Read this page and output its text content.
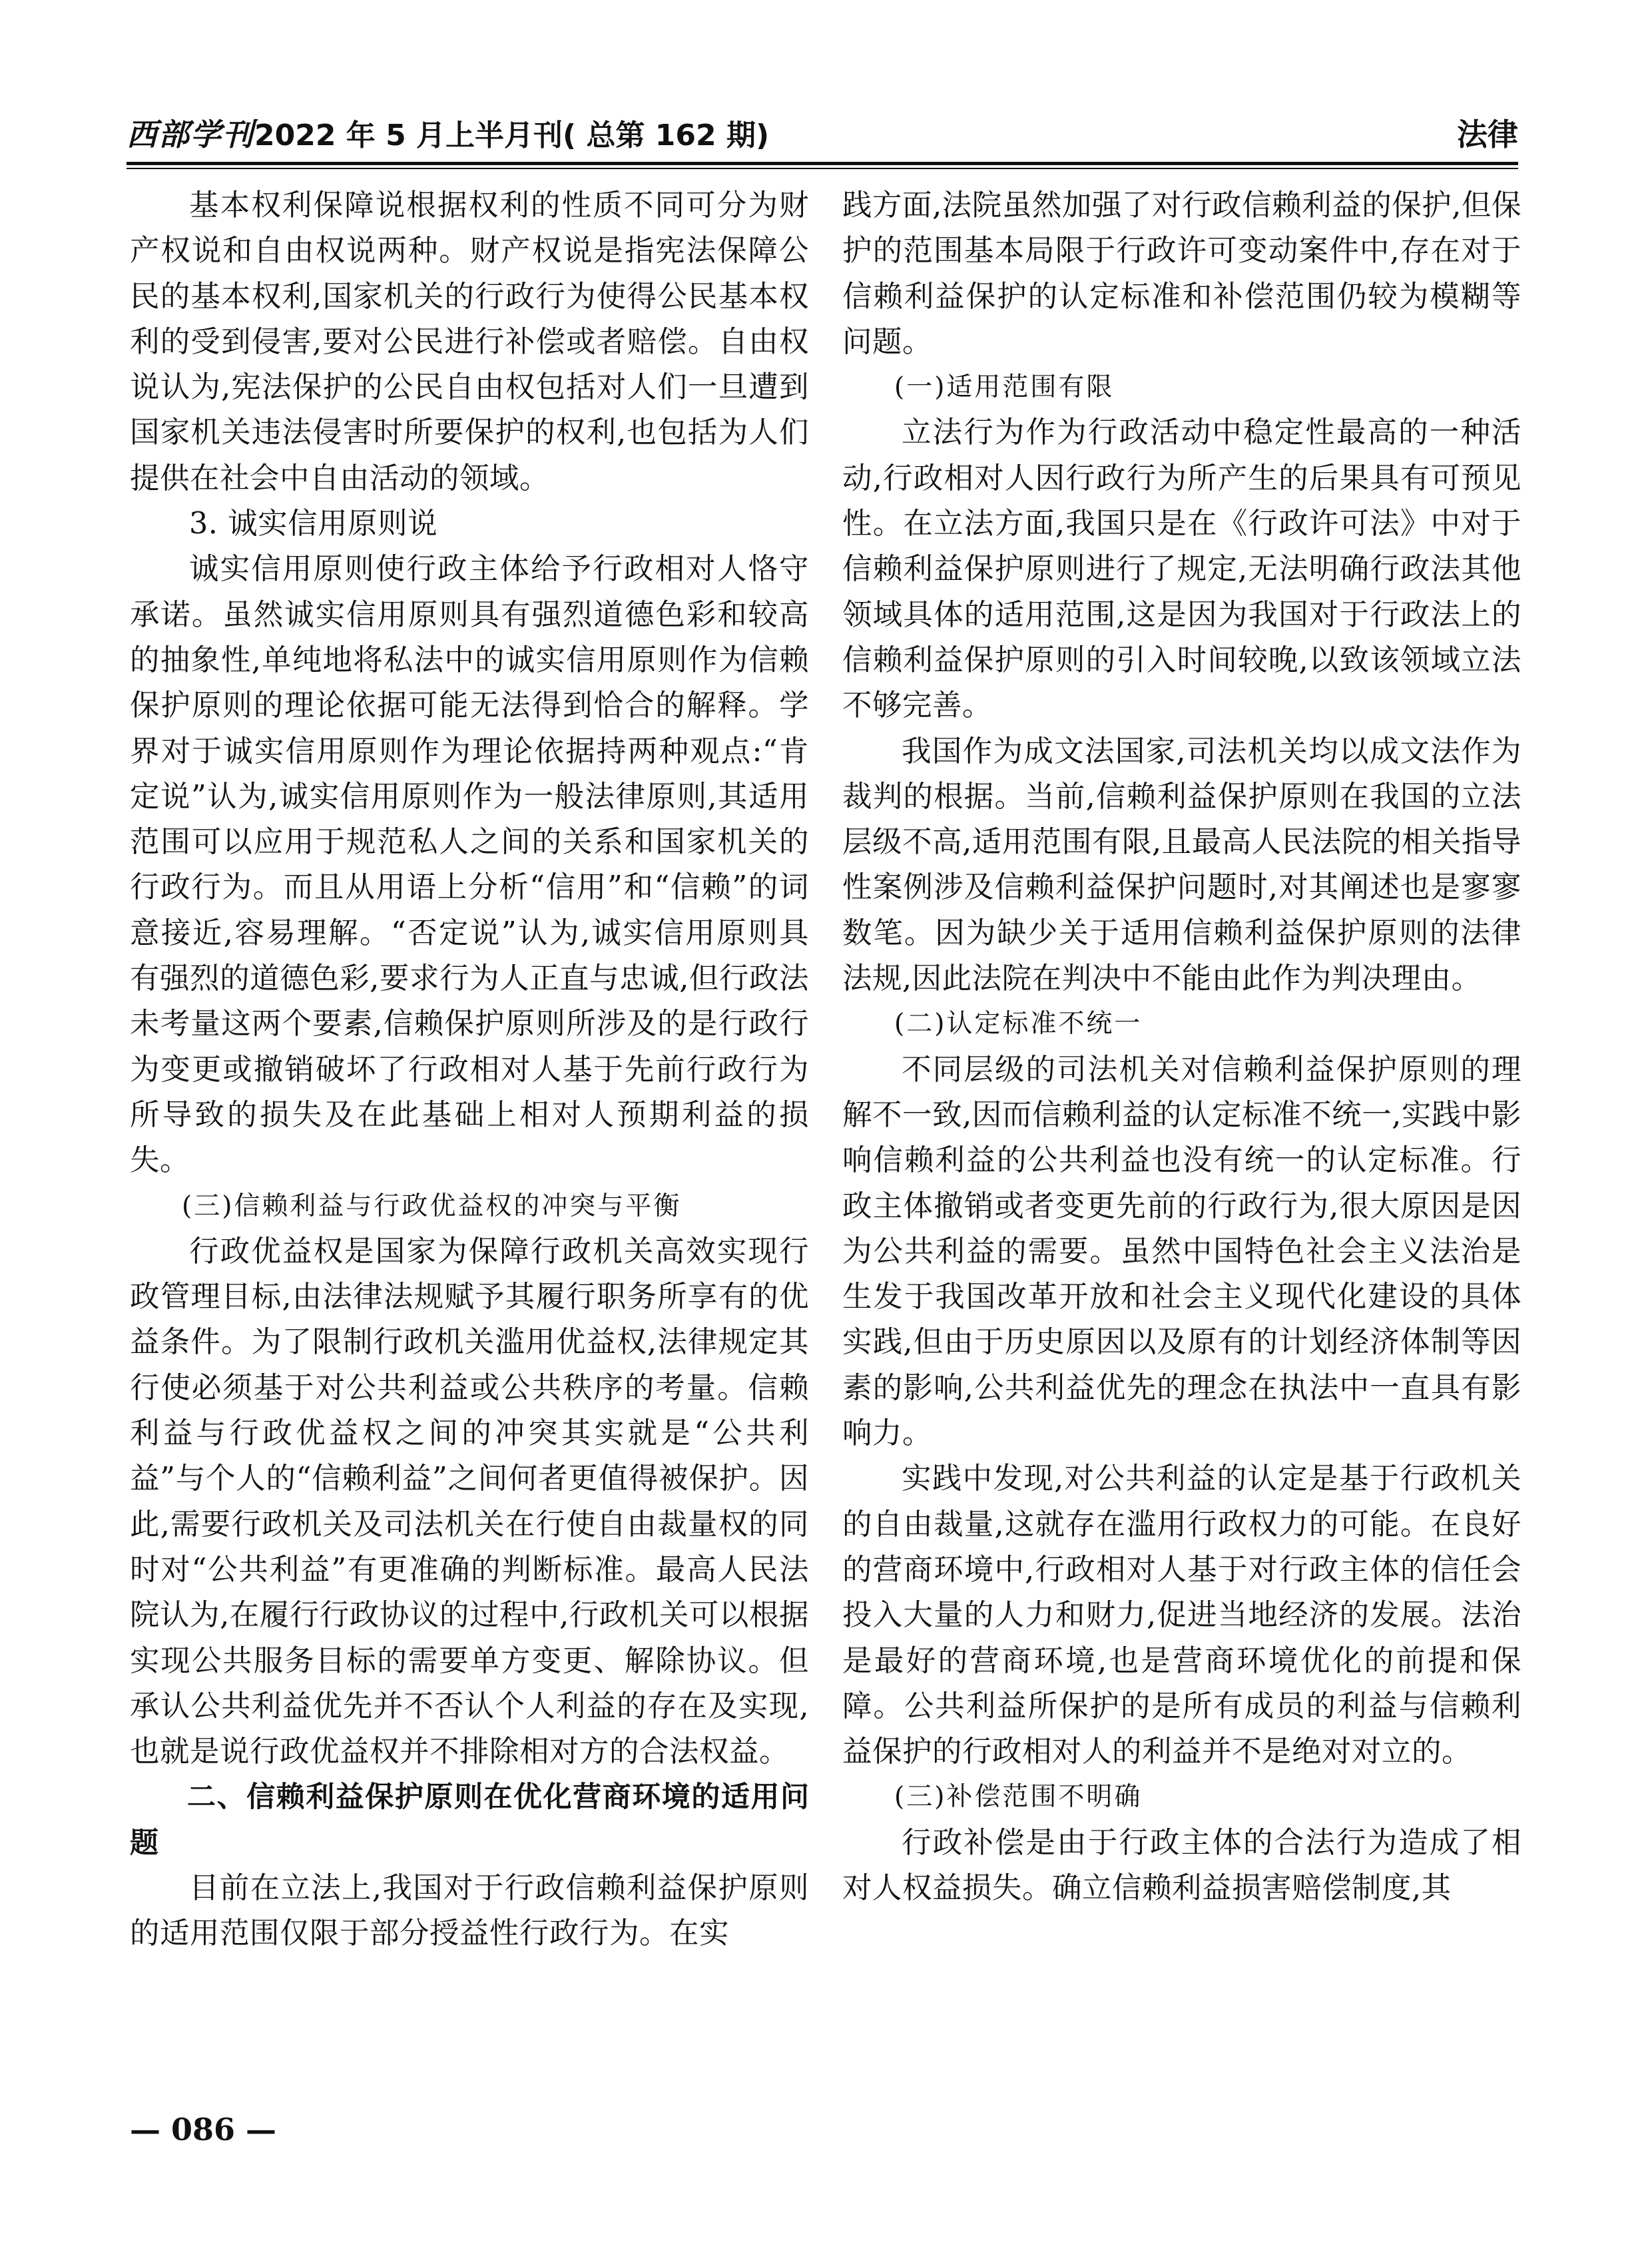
西部学刊2022 年 5 月上半月刊( 总第 162 期)	法律

基本权利保障说根据权利的性质不同可分为财产权说和自由权说两种。财产权说是指宪法保障公民的基本权利,国家机关的行政行为使得公民基本权利的受到侵害,要对公民进行补偿或者赔偿。自由权说认为,宪法保护的公民自由权包括对人们一旦遭到国家机关违法侵害时所要保护的权利,也包括为人们提供在社会中自由活动的领域。

3. 诚实信用原则说

诚实信用原则使行政主体给予行政相对人恪守承诺。虽然诚实信用原则具有强烈道德色彩和较高的抽象性,单纯地将私法中的诚实信用原则作为信赖保护原则的理论依据可能无法得到恰合的解释。学界对于诚实信用原则作为理论依据持两种观点:“肯定说”认为,诚实信用原则作为一般法律原则,其适用范围可以应用于规范私人之间的关系和国家机关的行政行为。而且从用语上分析“信用”和“信赖”的词意接近,容易理解。“否定说”认为,诚实信用原则具有强烈的道德色彩,要求行为人正直与忠诚,但行政法未考量这两个要素,信赖保护原则所涉及的是行政行为变更或撤销破坏了行政相对人基于先前行政行为所导致的损失及在此基础上相对人预期利益的损失。

(三)信赖利益与行政优益权的冲突与平衡

行政优益权是国家为保障行政机关高效实现行政管理目标,由法律法规赋予其履行职务所享有的优益条件。为了限制行政机关滥用优益权,法律规定其行使必须基于对公共利益或公共秩序的考量。信赖利益与行政优益权之间的冲突其实就是“公共利益”与个人的“信赖利益”之间何者更值得被保护。因此,需要行政机关及司法机关在行使自由裁量权的同时对“公共利益”有更准确的判断标准。最高人民法院认为,在履行行政协议的过程中,行政机关可以根据实现公共服务目标的需要单方变更、解除协议。但承认公共利益优先并不否认个人利益的存在及实现,也就是说行政优益权并不排除相对方的合法权益。

二、信赖利益保护原则在优化营商环境的适用问题

目前在立法上,我国对于行政信赖利益保护原则的适用范围仅限于部分授益性行政行为。在实

践方面,法院虽然加强了对行政信赖利益的保护,但保护的范围基本局限于行政许可变动案件中,存在对于信赖利益保护的认定标准和补偿范围仍较为模糊等问题。

(一)适用范围有限

立法行为作为行政活动中稳定性最高的一种活动,行政相对人因行政行为所产生的后果具有可预见性。在立法方面,我国只是在《行政许可法》中对于信赖利益保护原则进行了规定,无法明确行政法其他领域具体的适用范围,这是因为我国对于行政法上的信赖利益保护原则的引入时间较晚,以致该领域立法不够完善。

我国作为成文法国家,司法机关均以成文法作为裁判的根据。当前,信赖利益保护原则在我国的立法层级不高,适用范围有限,且最高人民法院的相关指导性案例涉及信赖利益保护问题时,对其阐述也是寥寥数笔。因为缺少关于适用信赖利益保护原则的法律法规,因此法院在判决中不能由此作为判决理由。

(二)认定标准不统一

不同层级的司法机关对信赖利益保护原则的理解不一致,因而信赖利益的认定标准不统一,实践中影响信赖利益的公共利益也没有统一的认定标准。行政主体撤销或者变更先前的行政行为,很大原因是因为公共利益的需要。虽然中国特色社会主义法治是生发于我国改革开放和社会主义现代化建设的具体实践,但由于历史原因以及原有的计划经济体制等因素的影响,公共利益优先的理念在执法中一直具有影响力。

实践中发现,对公共利益的认定是基于行政机关的自由裁量,这就存在滥用行政权力的可能。在良好的营商环境中,行政相对人基于对行政主体的信任会投入大量的人力和财力,促进当地经济的发展。法治是最好的营商环境,也是营商环境优化的前提和保障。公共利益所保护的是所有成员的利益与信赖利益保护的行政相对人的利益并不是绝对对立的。

(三)补偿范围不明确

行政补偿是由于行政主体的合法行为造成了相对人权益损失。确立信赖利益损害赔偿制度,其

— 086 —
